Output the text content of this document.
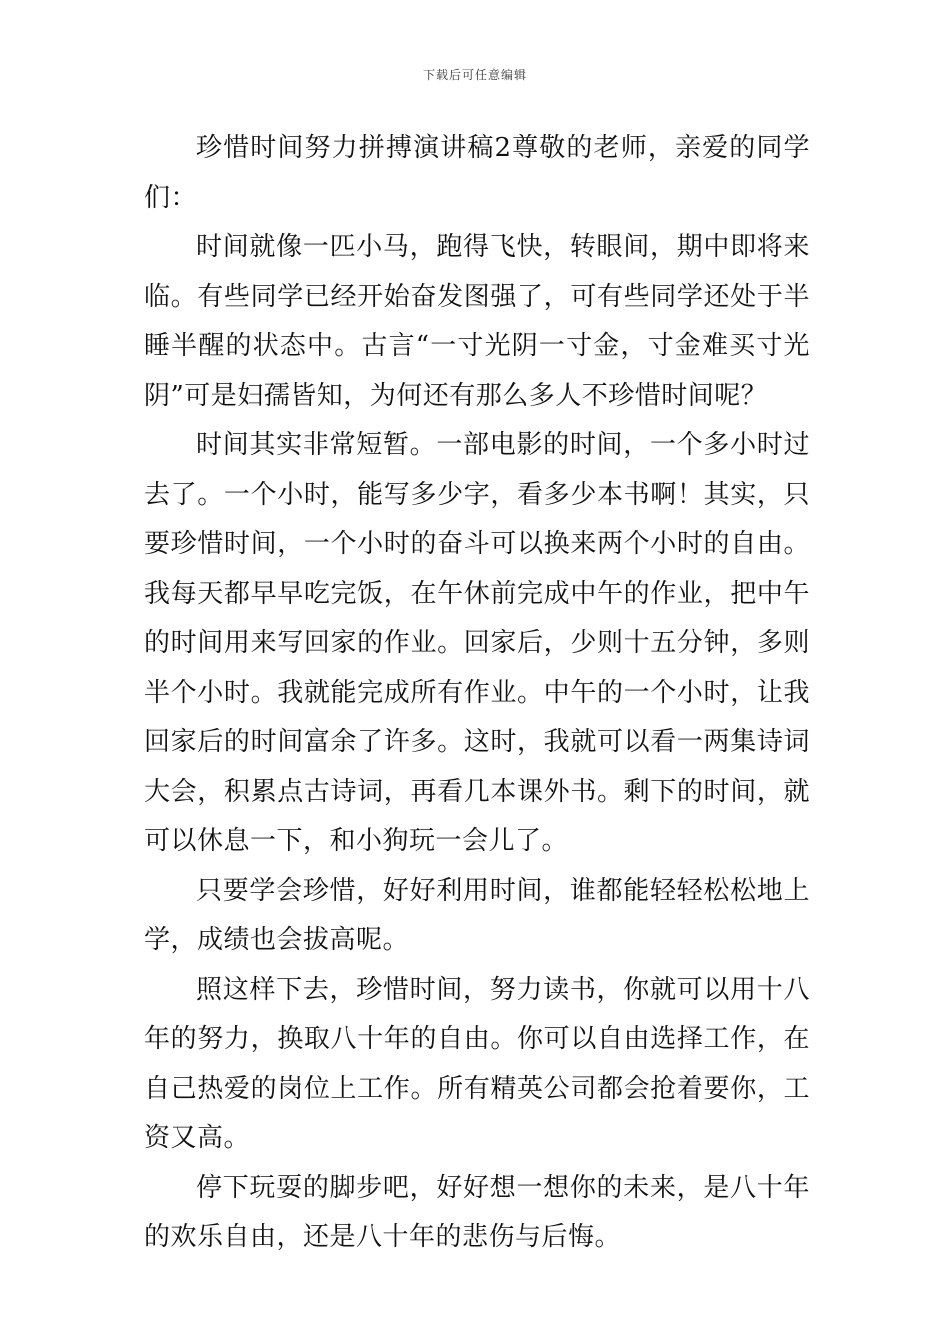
下载后可任意编辑

珍惜时间努力拼搏演讲稿2尊敬的老师，亲爱的同学们：

时间就像一匹小马，跑得飞快，转眼间，期中即将来临。有些同学已经开始奋发图强了，可有些同学还处于半睡半醒的状态中。古言“一寸光阴一寸金，寸金难买寸光阴”可是妇孺皆知，为何还有那么多人不珍惜时间呢？

时间其实非常短暂。一部电影的时间，一个多小时过去了。一个小时，能写多少字，看多少本书啊！其实，只要珍惜时间，一个小时的奋斗可以换来两个小时的自由。我每天都早早吃完饭，在午休前完成中午的作业，把中午的时间用来写回家的作业。回家后，少则十五分钟，多则半个小时。我就能完成所有作业。中午的一个小时，让我回家后的时间富余了许多。这时，我就可以看一两集诗词大会，积累点古诗词，再看几本课外书。剩下的时间，就可以休息一下，和小狗玩一会儿了。

只要学会珍惜，好好利用时间，谁都能轻轻松松地上学，成绩也会拔高呢。

照这样下去，珍惜时间，努力读书，你就可以用十八年的努力，换取八十年的自由。你可以自由选择工作，在自己热爱的岗位上工作。所有精英公司都会抢着要你，工资又高。

停下玩耍的脚步吧，好好想一想你的未来，是八十年的欢乐自由，还是八十年的悲伤与后悔。
